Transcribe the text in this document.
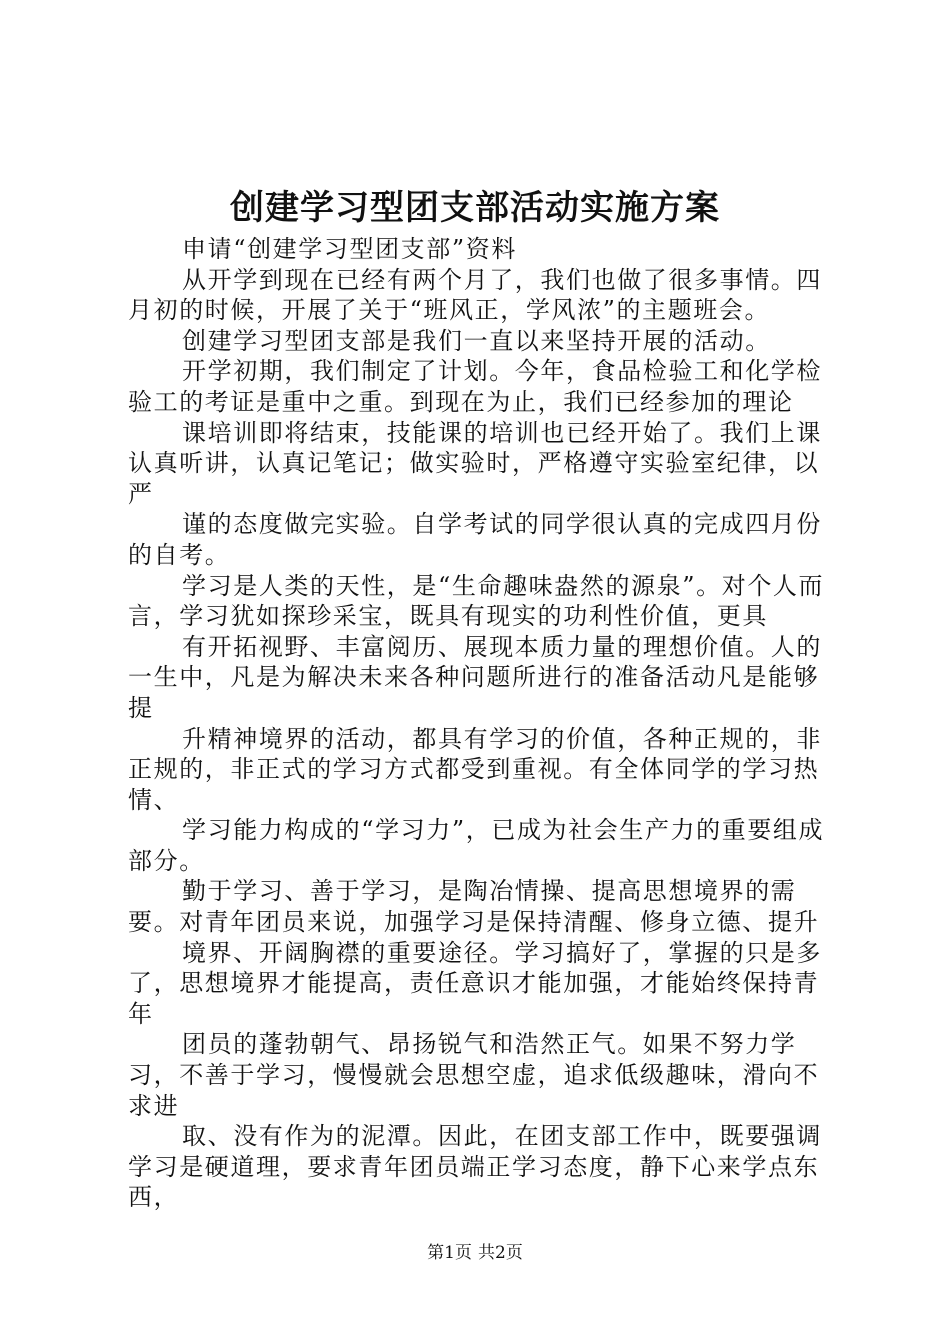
创建学习型团支部活动实施方案

申请“创建学习型团支部”资料

从开学到现在已经有两个月了，我们也做了很多事情。四月初的时候，开展了关于“班风正，学风浓”的主题班会。

创建学习型团支部是我们一直以来坚持开展的活动。

开学初期，我们制定了计划。今年，食品检验工和化学检验工的考证是重中之重。到现在为止，我们已经参加的理论

课培训即将结束，技能课的培训也已经开始了。我们上课认真听讲，认真记笔记；做实验时，严格遵守实验室纪律，以严

谨的态度做完实验。自学考试的同学很认真的完成四月份的自考。

学习是人类的天性，是“生命趣味盎然的源泉”。对个人而言，学习犹如探珍采宝，既具有现实的功利性价值，更具

有开拓视野、丰富阅历、展现本质力量的理想价值。人的一生中，凡是为解决未来各种问题所进行的准备活动凡是能够提

升精神境界的活动，都具有学习的价值，各种正规的，非正规的，非正式的学习方式都受到重视。有全体同学的学习热情、

学习能力构成的“学习力”，已成为社会生产力的重要组成部分。

勤于学习、善于学习，是陶冶情操、提高思想境界的需要。对青年团员来说，加强学习是保持清醒、修身立德、提升

境界、开阔胸襟的重要途径。学习搞好了，掌握的只是多了，思想境界才能提高，责任意识才能加强，才能始终保持青年

团员的蓬勃朝气、昂扬锐气和浩然正气。如果不努力学习，不善于学习，慢慢就会思想空虚，追求低级趣味，滑向不求进

取、没有作为的泥潭。因此，在团支部工作中，既要强调学习是硬道理，要求青年团员端正学习态度，静下心来学点东西，

第1页 共2页
